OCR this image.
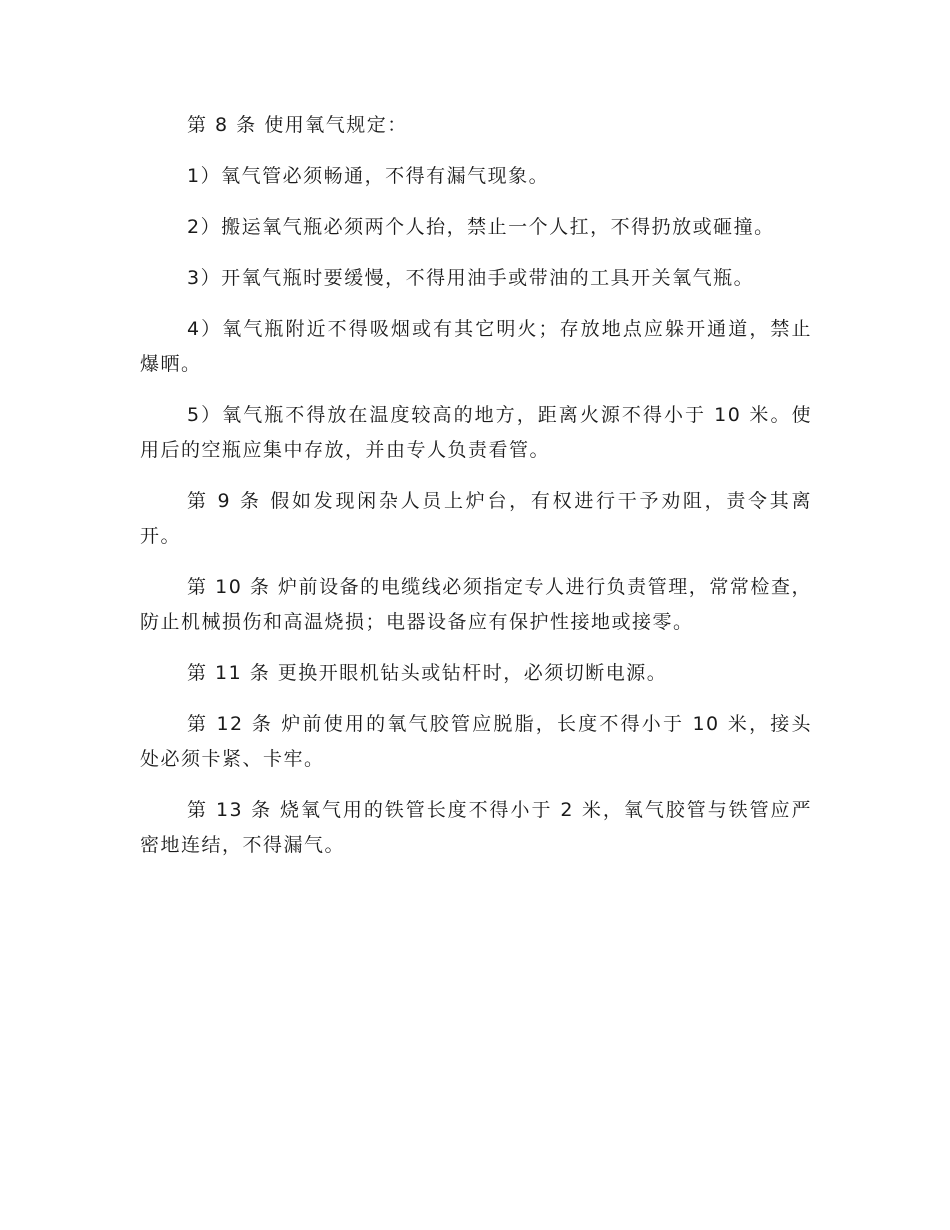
第 8 条 使用氧气规定：

1）氧气管必须畅通，不得有漏气现象。

2）搬运氧气瓶必须两个人抬，禁止一个人扛，不得扔放或砸撞。

3）开氧气瓶时要缓慢，不得用油手或带油的工具开关氧气瓶。

4）氧气瓶附近不得吸烟或有其它明火；存放地点应躲开通道，禁止爆晒。

5）氧气瓶不得放在温度较高的地方，距离火源不得小于 10 米。使用后的空瓶应集中存放，并由专人负责看管。

第 9 条 假如发现闲杂人员上炉台，有权进行干予劝阻，责令其离开。

第 10 条 炉前设备的电缆线必须指定专人进行负责管理，常常检查，防止机械损伤和高温烧损；电器设备应有保护性接地或接零。

第 11 条 更换开眼机钻头或钻杆时，必须切断电源。

第 12 条 炉前使用的氧气胶管应脱脂，长度不得小于 10 米，接头处必须卡紧、卡牢。

第 13 条 烧氧气用的铁管长度不得小于 2 米，氧气胶管与铁管应严密地连结，不得漏气。
